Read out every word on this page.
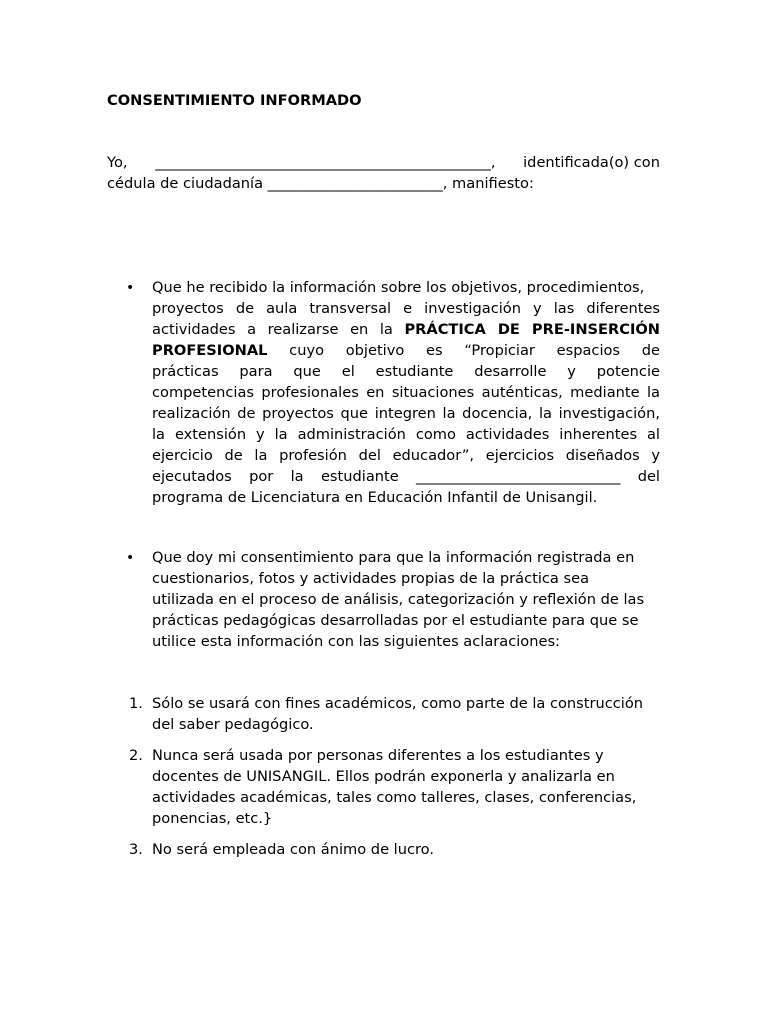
CONSENTIMIENTO INFORMADO
Yo, ______________________________________________, identificada(o) con
cédula de ciudadanía ________________________, manifiesto:
• Que he recibido la información sobre los objetivos, procedimientos,
proyectos de aula transversal e investigación y las diferentes
actividades a realizarse en la PRÁCTICA DE PRE-INSERCIÓN
PROFESIONAL cuyo objetivo es “Propiciar espacios de
prácticas para que el estudiante desarrolle y potencie
competencias profesionales en situaciones auténticas, mediante la
realización de proyectos que integren la docencia, la investigación,
la extensión y la administración como actividades inherentes al
ejercicio de la profesión del educador”, ejercicios diseñados y
ejecutados por la estudiante ____________________________ del
programa de Licenciatura en Educación Infantil de Unisangil.
• Que doy mi consentimiento para que la información registrada en
cuestionarios, fotos y actividades propias de la práctica sea
utilizada en el proceso de análisis, categorización y reflexión de las
prácticas pedagógicas desarrolladas por el estudiante para que se
utilice esta información con las siguientes aclaraciones:
1. Sólo se usará con fines académicos, como parte de la construcción
del saber pedagógico.
2. Nunca será usada por personas diferentes a los estudiantes y
docentes de UNISANGIL. Ellos podrán exponerla y analizarla en
actividades académicas, tales como talleres, clases, conferencias,
ponencias, etc.}
3. No será empleada con ánimo de lucro.
